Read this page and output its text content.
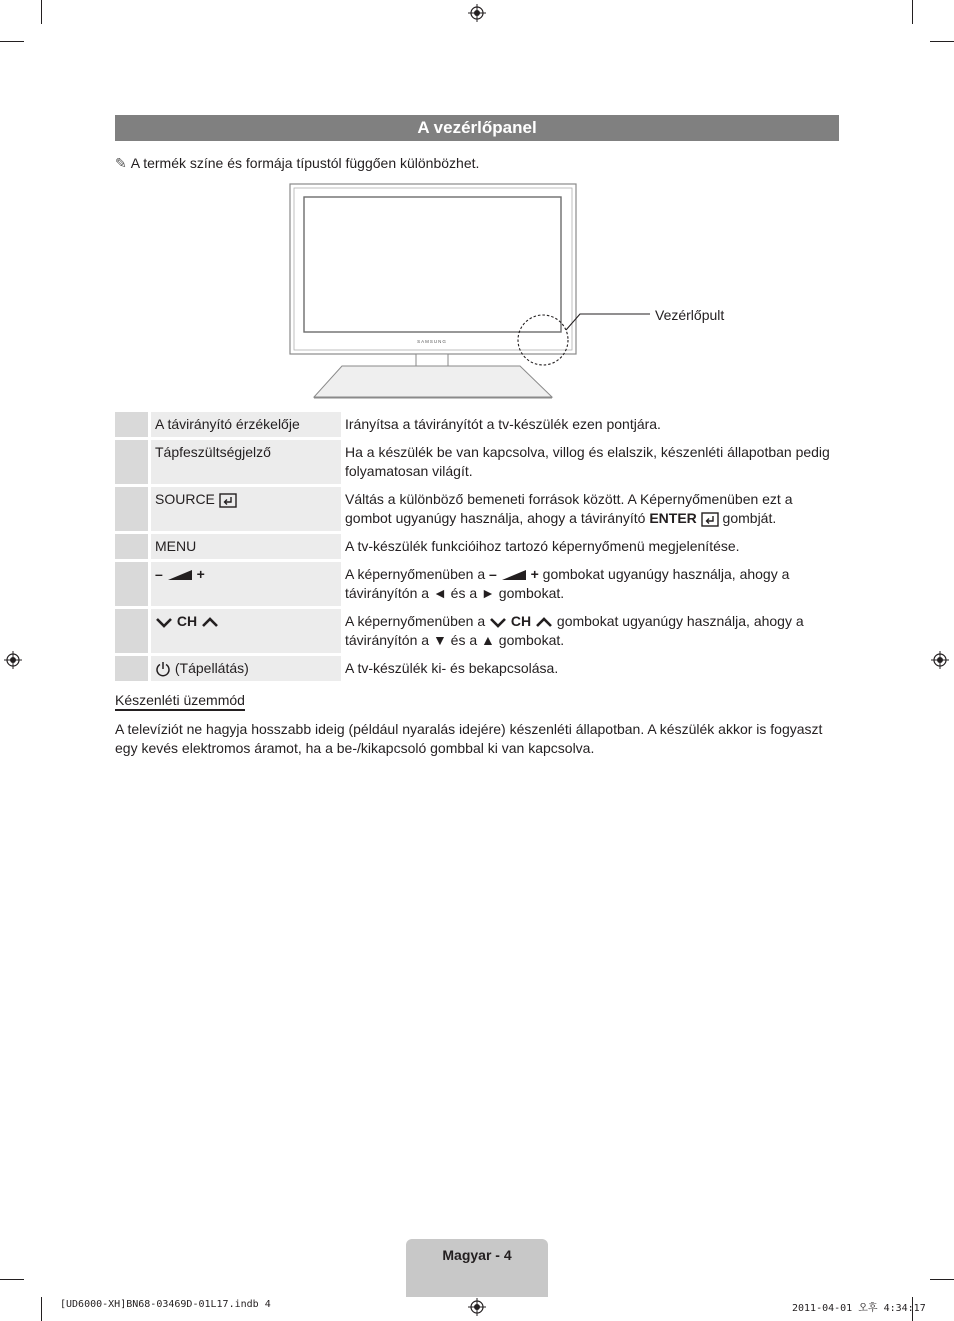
A vezérlőpanel
✎ A termék színe és formája típustól függően különbözhet.
SAMSUNG
Vezérlőpult
	A távirányító érzékelője	Irányítsa a távirányítót a tv-készülék ezen pontjára.
	Tápfeszültségjelző	Ha a készülék be van kapcsolva, villog és elalszik, készenléti állapotban pedig folyamatosan világít.
	SOURCE	Váltás a különböző bemeneti források között. A Képernyőmenüben ezt a gombot ugyanúgy használja, ahogy a távirányító ENTER  gombját.
	MENU	A tv-készülék funkcióihoz tartozó képernyőmenü megjelenítése.
	– +	A képernyőmenüben a – + gombokat ugyanúgy használja, ahogy a távirányítón a ◄ és a ► gombokat.
	CH	A képernyőmenüben a  CH  gombokat ugyanúgy használja, ahogy a távirányítón a ▼ és a ▲ gombokat.
	(Tápellátás)	A tv-készülék ki- és bekapcsolása.
Készenléti üzemmód
A televíziót ne hagyja hosszabb ideig (például nyaralás idejére) készenléti állapotban. A készülék akkor is fogyaszt egy kevés elektromos áramot, ha a be-/kikapcsoló gombbal ki van kapcsolva.
Magyar - 4
[UD6000-XH]BN68-03469D-01L17.indb 4	2011-04-01 오후 4:34:17
